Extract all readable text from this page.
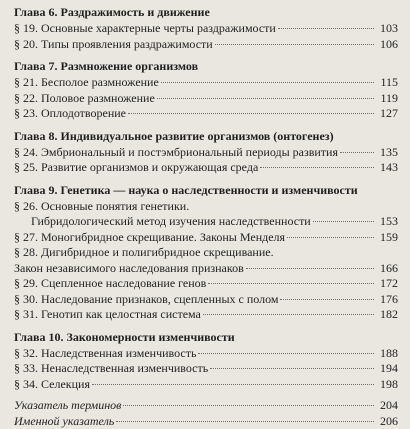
Глава 6. Раздражимость и движение
§ 19. Основные характерные черты раздражимости	103
§ 20. Типы проявления раздражимости	106
Глава 7. Размножение организмов
§ 21. Бесполое размножение	115
§ 22. Половое размножение	119
§ 23. Оплодотворение	127
Глава 8. Индивидуальное развитие организмов (онтогенез)
§ 24. Эмбриональный и постэмбриональный периоды развития	135
§ 25. Развитие организмов и окружающая среда	143
Глава 9. Генетика — наука о наследственности и изменчивости
§ 26. Основные понятия генетики.
Гибридологический метод изучения наследственности	153
§ 27. Моногибридное скрещивание. Законы Менделя	159
§ 28. Дигибридное и полигибридное скрещивание.
Закон независимого наследования признаков	166
§ 29. Сцепленное наследование генов	172
§ 30. Наследование признаков, сцепленных с полом	176
§ 31. Генотип как целостная система	182
Глава 10. Закономерности изменчивости
§ 32. Наследственная изменчивость	188
§ 33. Ненаследственная изменчивость	194
§ 34. Селекция	198
Указатель терминов	204
Именной указатель	206
